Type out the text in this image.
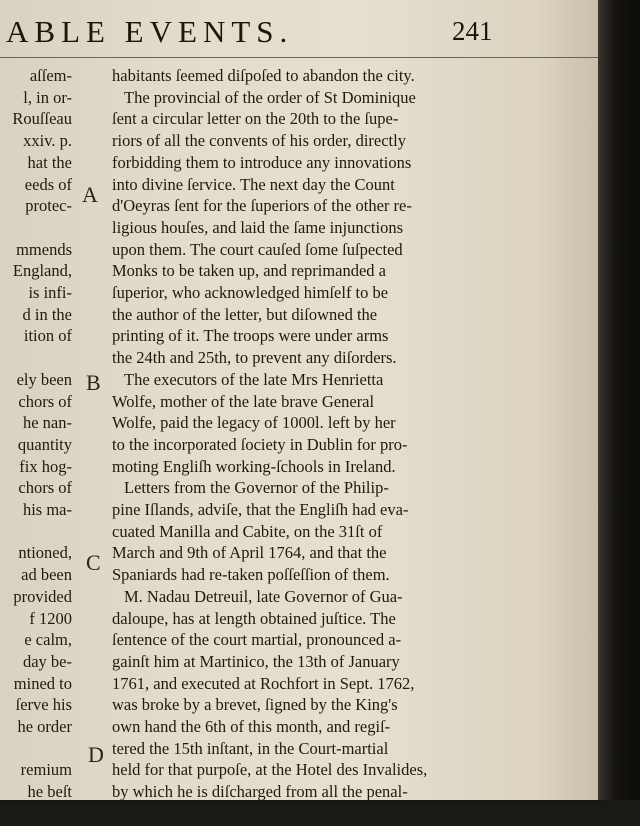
ABLE EVENTS.	241
aſſem-
l, in or-
Rouſſeau
xxiv. p.
hat the
eeds of
protec-
mmends
England,
is infi-
d in the
ition of
ely been
chors of
he nan-
quantity
fix hog-
chors of
his ma-
ntioned,
ad been
provided
f 1200
e calm,
day be-
mined to
ſerve his
he order
remium
he beſt
A
B
C
D
habitants ſeemed diſpoſed to abandon the city.
The provincial of the order of St Dominique
ſent a circular letter on the 20th to the ſupe-
riors of all the convents of his order, directly
forbidding them to introduce any innovations
into divine ſervice. The next day the Count
d'Oeyras ſent for the ſuperiors of the other re-
ligious houſes, and laid the ſame injunctions
upon them. The court cauſed ſome ſuſpected
Monks to be taken up, and reprimanded a
ſuperior, who acknowledged himſelf to be
the author of the letter, but diſowned the
printing of it. The troops were under arms
the 24th and 25th, to prevent any diſorders.
The executors of the late Mrs Henrietta
Wolfe, mother of the late brave General
Wolfe, paid the legacy of 1000l. left by her
to the incorporated ſociety in Dublin for pro-
moting Engliſh working-ſchools in Ireland.
Letters from the Governor of the Philip-
pine Iſlands, adviſe, that the Engliſh had eva-
cuated Manilla and Cabite, on the 31ſt of
March and 9th of April 1764, and that the
Spaniards had re-taken poſſeſſion of them.
M. Nadau Detreuil, late Governor of Gua-
daloupe, has at length obtained juſtice. The
ſentence of the court martial, pronounced a-
gainſt him at Martinico, the 13th of January
1761, and executed at Rochfort in Sept. 1762,
was broke by a brevet, ſigned by the King's
own hand the 6th of this month, and regiſ-
tered the 15th inſtant, in the Court-martial
held for that purpoſe, at the Hotel des Invalides,
by which he is diſcharged from all the penal-
ties annexed to it, and reſtored to his former
